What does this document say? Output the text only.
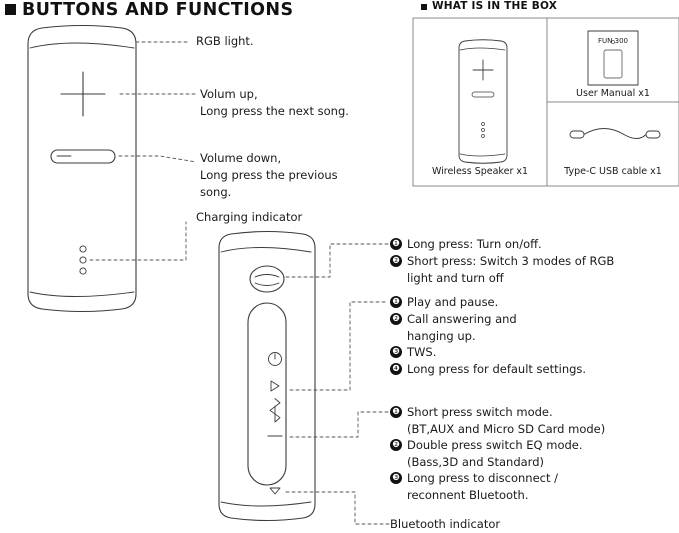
BUTTONS AND FUNCTIONS	WHAT IS IN THE BOX
RGB light.
Volum up,
Long press the next song.
Volume down,
Long press the previous
song.
Charging indicator
FUN 300
User Manual x1
Wireless Speaker x1	Type-C USB cable x1
❶ Long press: Turn on/off.
❷ Short press: Switch 3 modes of RGB
light and turn off
❶ Play and pause.
❷ Call answering and
hanging up.
❸ TWS.
❹ Long press for default settings.
❶ Short press switch mode.
(BT,AUX and Micro SD Card mode)
❷ Double press switch EQ mode.
(Bass,3D and Standard)
❸ Long press to disconnect /
reconnent Bluetooth.
Bluetooth indicator
